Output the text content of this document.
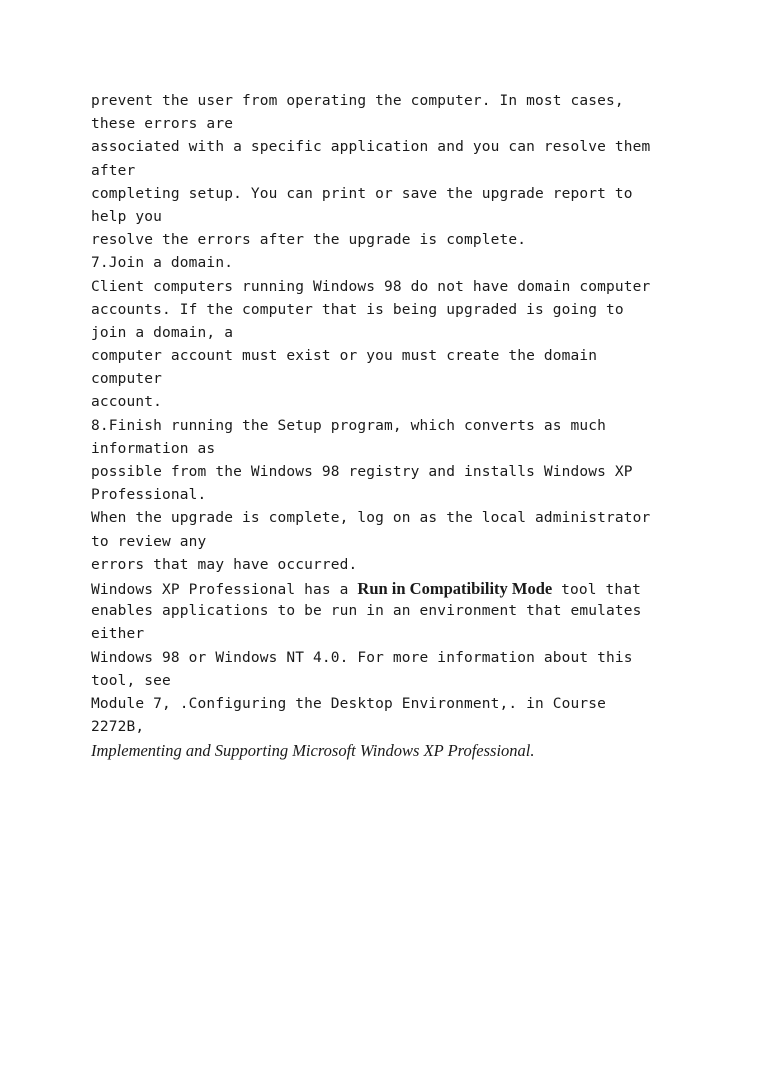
prevent the user from operating the computer. In most cases,
these errors are
associated with a specific application and you can resolve them
after
completing setup. You can print or save the upgrade report to
help you
resolve the errors after the upgrade is complete.
7.Join a domain.
Client computers running Windows 98 do not have domain computer
accounts. If the computer that is being upgraded is going to
join a domain, a
computer account must exist or you must create the domain
computer
account.
8.Finish running the Setup program, which converts as much
information as
possible from the Windows 98 registry and installs Windows XP
Professional.
When the upgrade is complete, log on as the local administrator
to review any
errors that may have occurred.
Windows XP Professional has a Run in Compatibility Mode tool that
enables applications to be run in an environment that emulates
either
Windows 98 or Windows NT 4.0. For more information about this
tool, see
Module 7, .Configuring the Desktop Environment,. in Course
2272B,
Implementing and Supporting Microsoft Windows XP Professional.
